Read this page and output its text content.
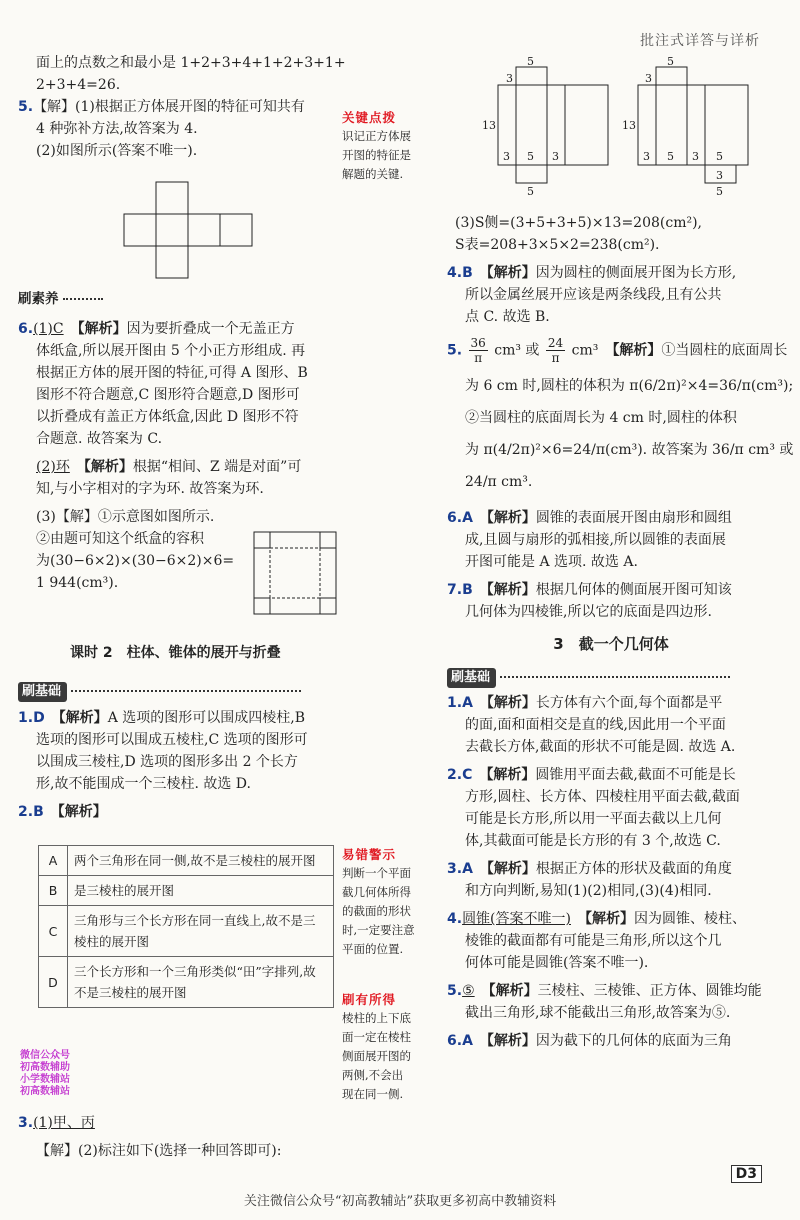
批注式详答与详析
5
3
13
3 5 3
5
5
3
13
3 5 3 5
3
5
面上的点数之和最小是 1+2+3+4+1+2+3+1+
2+3+4=26.
5.【解】(1)根据正方体展开图的特征可知共有
4 种弥补方法,故答案为 4.
(2)如图所示(答案不唯一).
刷素养
6.(1)C　 【解析】因为要折叠成一个无盖正方
体纸盒,所以展开图由 5 个小正方形组成. 再
根据正方体的展开图的特征,可得 A 图形、B
图形不符合题意,C 图形符合题意,D 图形可
以折叠成有盖正方体纸盒,因此 D 图形不符
合题意. 故答案为 C.
(2)环　 【解析】根据“相间、Z 端是对面”可
知,与小字相对的字为环. 故答案为环.
(3)【解】①示意图如图所示.
②由题可知这个纸盒的容积
为(30−6×2)×(30−6×2)×6=
1 944(cm³).
课时 2　柱体、锥体的展开与折叠
刷基础
1.D　 【解析】A 选项的图形可以围成四棱柱,B
选项的图形可以围成五棱柱,C 选项的图形可
以围成三棱柱,D 选项的图形多出 2 个长方
形,故不能围成一个三棱柱. 故选 D.
2.B　 【解析】
A	两个三角形在同一侧,故不是三棱柱的展开图
B	是三棱柱的展开图
C	三角形与三个长方形在同一直线上,故不是三棱柱的展开图
D	三个长方形和一个三角形类似“田”字排列,故不是三棱柱的展开图
微信公众号
初高数辅助
小学数辅站
初高数辅站
3.(1)甲、丙
【解】(2)标注如下(选择一种回答即可):
关键点拨
识记正方体展
开图的特征是
解题的关键.
易错警示
判断一个平面
截几何体所得
的截面的形状
时,一定要注意
平面的位置.
刷有所得
棱柱的上下底
面一定在棱柱
侧面展开图的
两侧,不会出
现在同一侧.
(3)S侧=(3+5+3+5)×13=208(cm²),
S表=208+3×5×2=238(cm²).
4.B　 【解析】因为圆柱的侧面展开图为长方形,
所以金属丝展开应该是两条线段,且有公共
点 C. 故选 B.
5. $\frac{36}{\pi} cm^3$ 或 $\frac{24}{\pi} cm^3$　 【解析】①当圆柱的底面周长
为 6 cm 时,圆柱的体积为 π(6/2π)²×4=36/π(cm³);
②当圆柱的底面周长为 4 cm 时,圆柱的体积
为 π(4/2π)²×6=24/π(cm³). 故答案为 36/π cm³ 或
24/π cm³.
6.A　 【解析】圆锥的表面展开图由扇形和圆组
成,且圆与扇形的弧相接,所以圆锥的表面展
开图可能是 A 选项. 故选 A.
7.B　 【解析】根据几何体的侧面展开图可知该
几何体为四棱锥,所以它的底面是四边形.
3　截一个几何体
刷基础
1.A　 【解析】长方体有六个面,每个面都是平
的面,面和面相交是直的线,因此用一个平面
去截长方体,截面的形状不可能是圆. 故选 A.
2.C　 【解析】圆锥用平面去截,截面不可能是长
方形,圆柱、长方体、四棱柱用平面去截,截面
可能是长方形,所以用一平面去截以上几何
体,其截面可能是长方形的有 3 个,故选 C.
3.A　 【解析】根据正方体的形状及截面的角度
和方向判断,易知(1)(2)相同,(3)(4)相同.
4.圆锥(答案不唯一)　 【解析】因为圆锥、棱柱、
棱锥的截面都有可能是三角形,所以这个几
何体可能是圆锥(答案不唯一).
5.⑤　 【解析】三棱柱、三棱锥、正方体、圆锥均能
截出三角形,球不能截出三角形,故答案为⑤.
6.A　 【解析】因为截下的几何体的底面为三角
D3
关注微信公众号“初高教辅站”获取更多初高中教辅资料
